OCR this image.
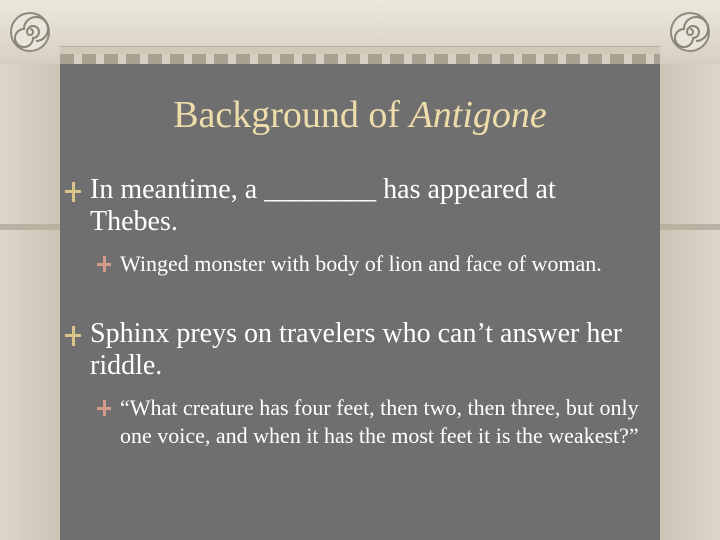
Background of Antigone
In meantime, a ________ has appeared at Thebes.
Winged monster with body of lion and face of woman.
Sphinx preys on travelers who can’t answer her riddle.
“What creature has four feet, then two, then three, but only one voice, and when it has the most feet it is the weakest?”
